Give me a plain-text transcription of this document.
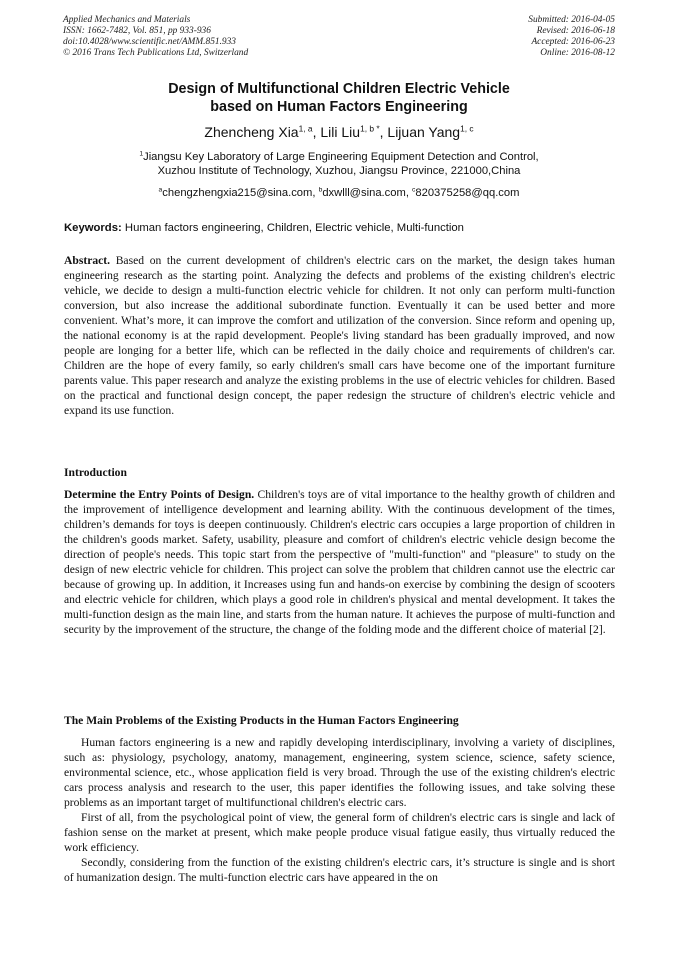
Applied Mechanics and Materials
ISSN: 1662-7482, Vol. 851, pp 933-936
doi:10.4028/www.scientific.net/AMM.851.933
© 2016 Trans Tech Publications Ltd, Switzerland
Submitted: 2016-04-05
Revised: 2016-06-18
Accepted: 2016-06-23
Online: 2016-08-12
Design of Multifunctional Children Electric Vehicle
based on Human Factors Engineering
Zhencheng Xia$^{1, a}$, Lili Liu$^{1, b *}$, Lijuan Yang$^{1, c}$
$^1$Jiangsu Key Laboratory of Large Engineering Equipment Detection and Control,
Xuzhou Institute of Technology, Xuzhou, Jiangsu Province, 221000,China
$^a$chengzhengxia215@sina.com, $^b$dxwlll@sina.com, $^c$820375258@qq.com
Keywords: Human factors engineering, Children, Electric vehicle, Multi-function

Abstract. Based on the current development of children's electric cars on the market, the design takes human engineering research as the starting point. Analyzing the defects and problems of the existing children's electric vehicle, we decide to design a multi-function electric vehicle for children. It not only can perform multi-function conversion, but also increase the additional subordinate function. Eventually it can be used better and more convenient. What’s more, it can improve the comfort and utilization of the conversion. Since reform and opening up, the national economy is at the rapid development. People's living standard has been gradually improved, and now people are longing for a better life, which can be reflected in the daily choice and requirements of children's car. Children are the hope of every family, so early children's small cars have become one of the important furniture parents value. This paper research and analyze the existing problems in the use of electric vehicles for children. Based on the practical and functional design concept, the paper redesign the structure of children's electric vehicle and expand its use function.

Introduction

Determine the Entry Points of Design. Children's toys are of vital importance to the healthy growth of children and the improvement of intelligence development and learning ability. With the continuous development of the times, children’s demands for toys is deepen continuously. Children's electric cars occupies a large proportion of children in the children's goods market. Safety, usability, pleasure and comfort of children's electric vehicle design become the direction of people's needs. This topic start from the perspective of "multi-function" and "pleasure" to study on the design of new electric vehicle for children. This project can solve the problem that children cannot use the electric car because of growing up. In addition, it Increases using fun and hands-on exercise by combining the design of scooters and electric vehicle for children, which plays a good role in children's physical and mental development. It takes the multi-function design as the main line, and starts from the human nature. It achieves the purpose of multi-function and security by the improvement of the structure, the change of the folding mode and the different choice of material [2].

The Main Problems of the Existing Products in the Human Factors Engineering

Human factors engineering is a new and rapidly developing interdisciplinary, involving a variety of disciplines, such as: physiology, psychology, anatomy, management, engineering, system science, science, safety science, environmental science, etc., whose application field is very broad. Through the use of the existing children's electric cars process analysis and research to the user, this paper identifies the following issues, and take solving these problems as an important target of multifunctional children's electric cars.

First of all, from the psychological point of view, the general form of children's electric cars is single and lack of fashion sense on the market at present, which make people produce visual fatigue easily, thus virtually reduced the work efficiency.

Secondly, considering from the function of the existing children's electric cars, it’s structure is single and is short of humanization design. The multi-function electric cars have appeared in the on
